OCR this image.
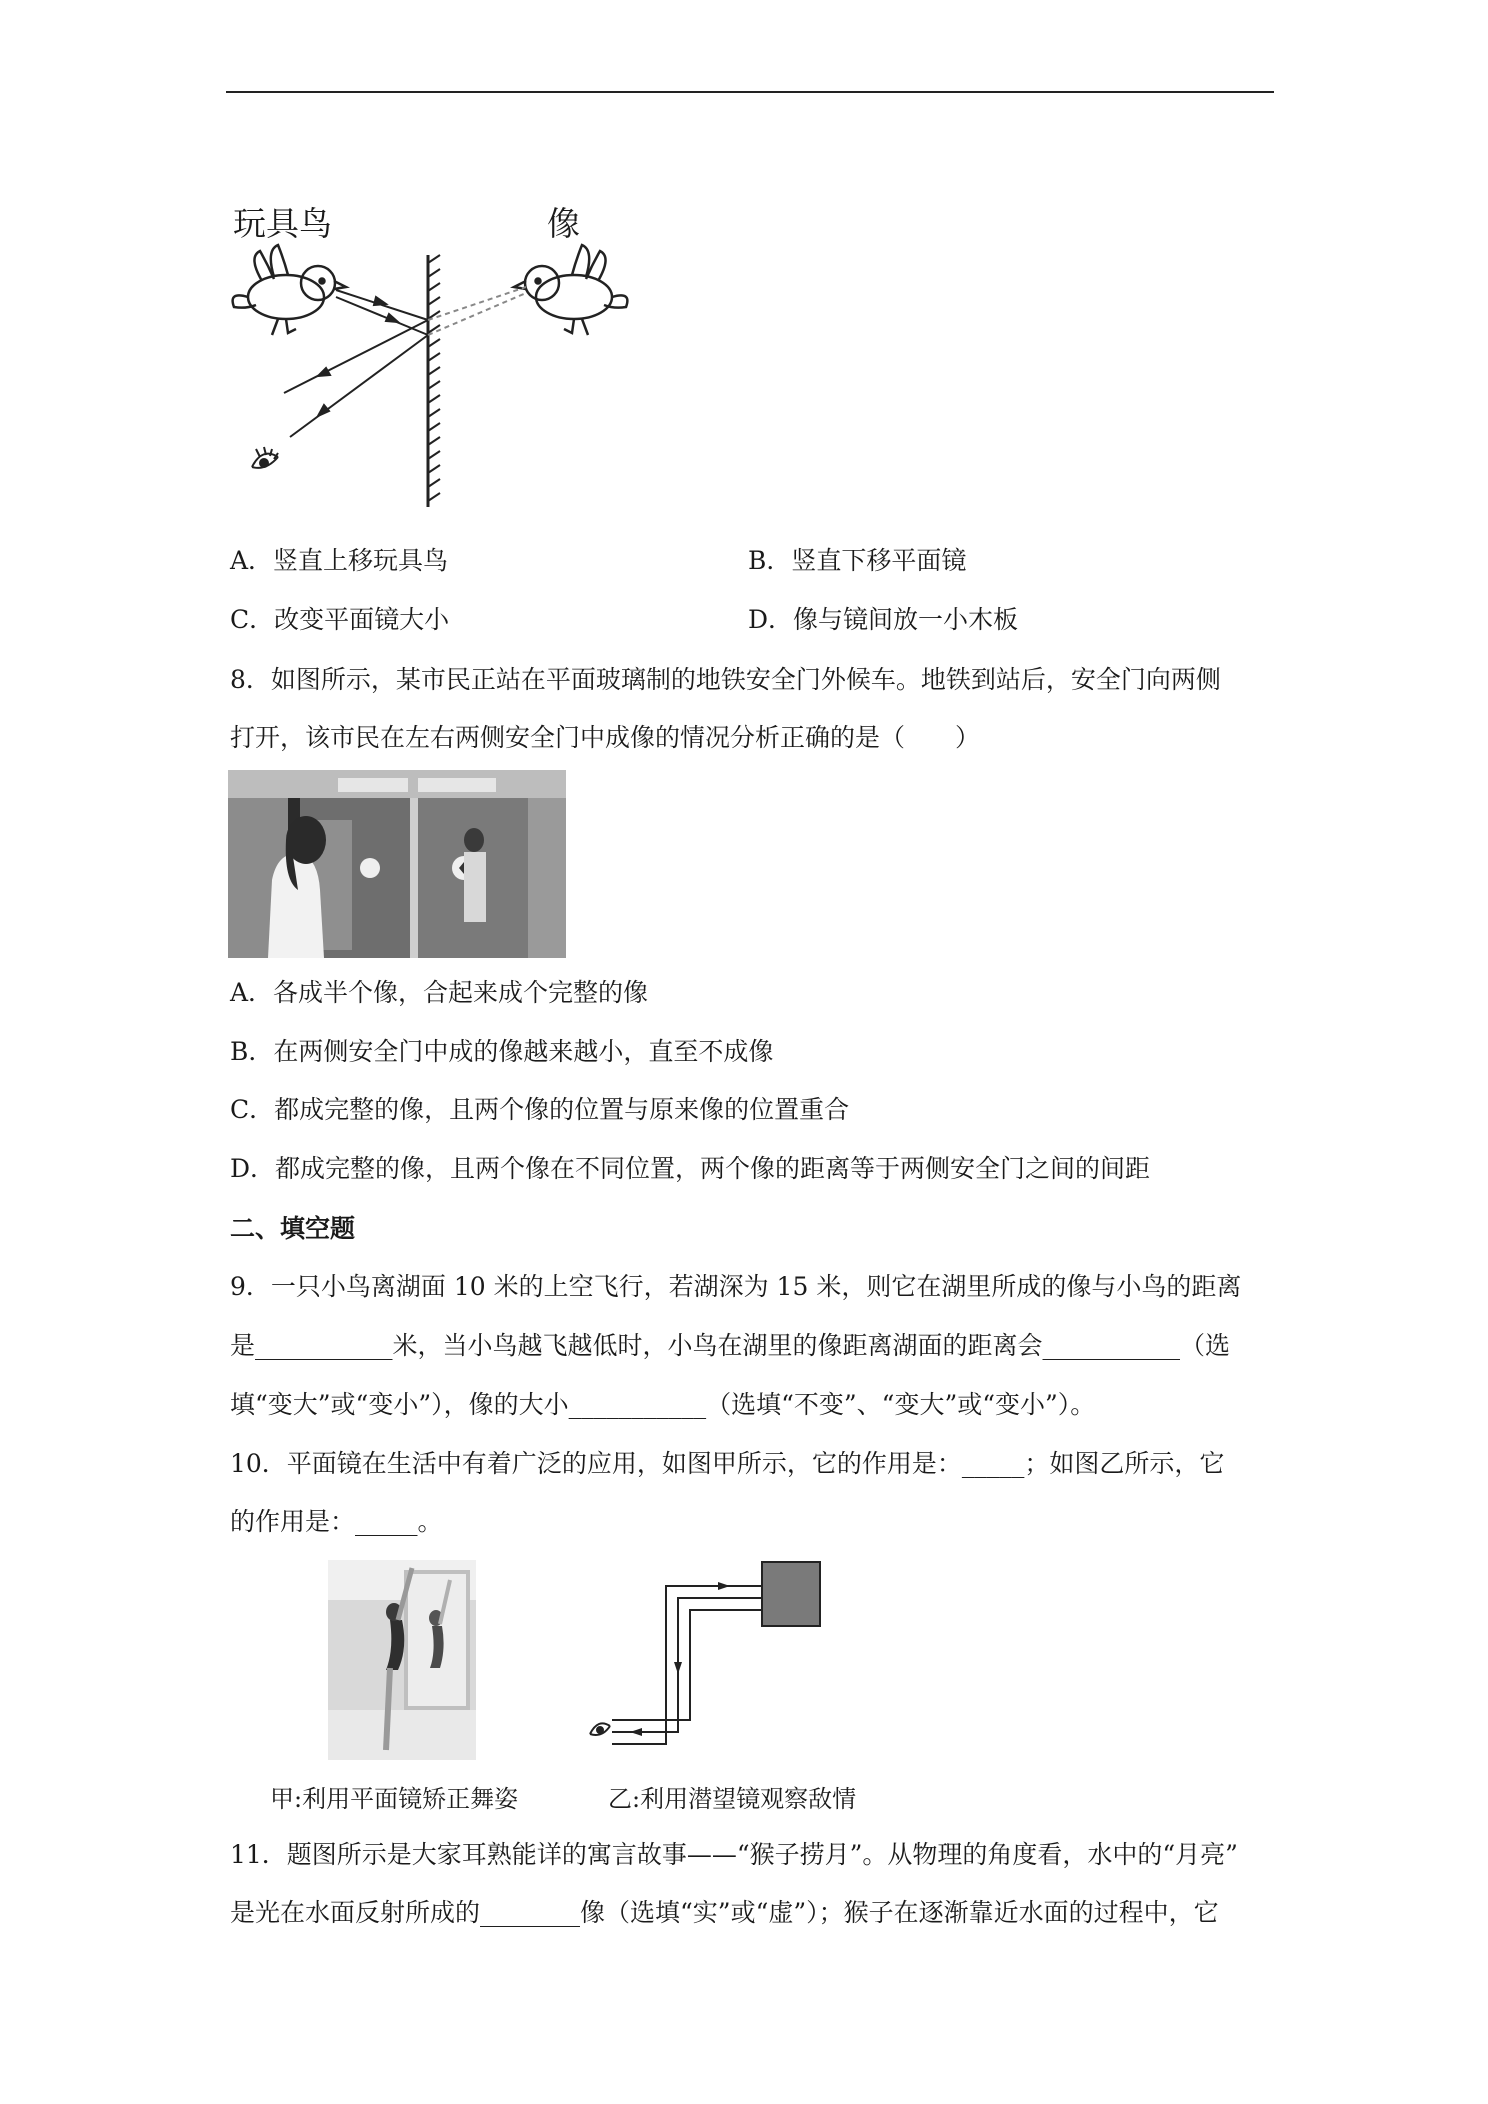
玩具鸟	像
A．竖直上移玩具鸟	B．竖直下移平面镜
C．改变平面镜大小	D．像与镜间放一小木板
8．如图所示，某市民正站在平面玻璃制的地铁安全门外候车。地铁到站后，安全门向两侧
打开，该市民在左右两侧安全门中成像的情况分析正确的是（　　）
A．各成半个像，合起来成个完整的像
B．在两侧安全门中成的像越来越小，直至不成像
C．都成完整的像，且两个像的位置与原来像的位置重合
D．都成完整的像，且两个像在不同位置，两个像的距离等于两侧安全门之间的间距
二、填空题
9．一只小鸟离湖面 10 米的上空飞行，若湖深为 15 米，则它在湖里所成的像与小鸟的距离
是___________米，当小鸟越飞越低时，小鸟在湖里的像距离湖面的距离会___________（选
填“变大”或“变小”），像的大小___________（选填“不变”、“变大”或“变小”）。
10．平面镜在生活中有着广泛的应用，如图甲所示，它的作用是：_____；如图乙所示，它
的作用是：_____。
甲:利用平面镜矫正舞姿	乙:利用潜望镜观察敌情
11．题图所示是大家耳熟能详的寓言故事——“猴子捞月”。从物理的角度看，水中的“月亮”
是光在水面反射所成的________像（选填“实”或“虚”）；猴子在逐渐靠近水面的过程中，它
